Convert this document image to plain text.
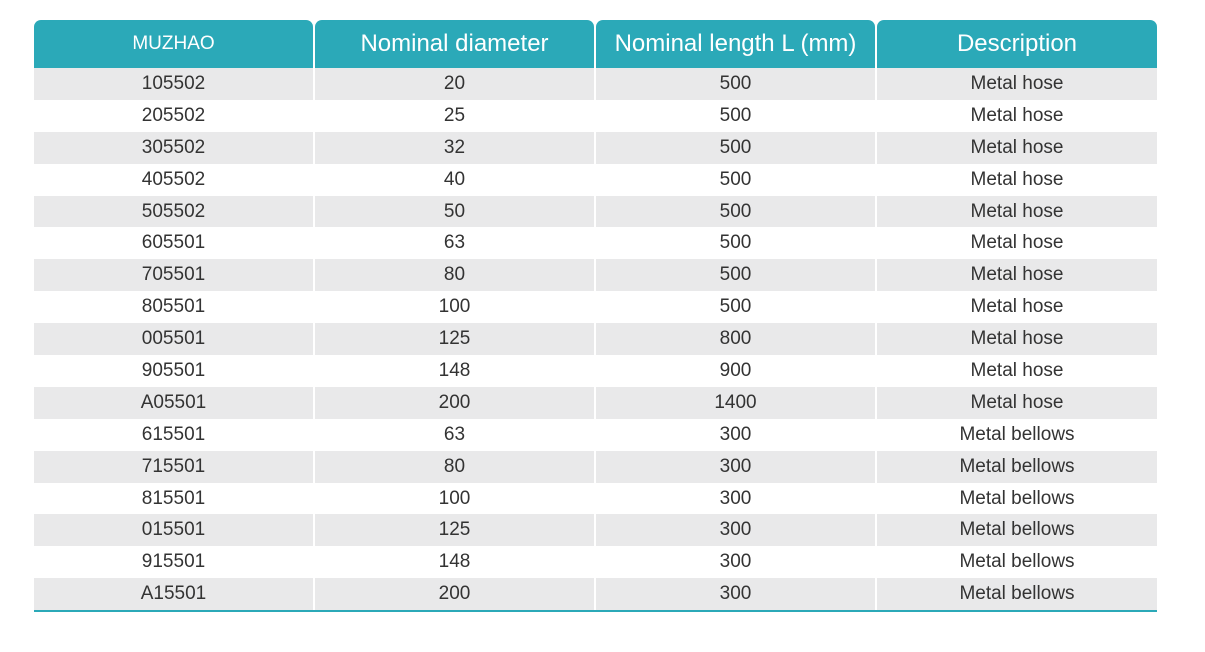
MUZHAO	Nominal diameter	Nominal length L (mm)	Description
105502	20	500	Metal hose
205502	25	500	Metal hose
305502	32	500	Metal hose
405502	40	500	Metal hose
505502	50	500	Metal hose
605501	63	500	Metal hose
705501	80	500	Metal hose
805501	100	500	Metal hose
005501	125	800	Metal hose
905501	148	900	Metal hose
A05501	200	1400	Metal hose
615501	63	300	Metal bellows
715501	80	300	Metal bellows
815501	100	300	Metal bellows
015501	125	300	Metal bellows
915501	148	300	Metal bellows
A15501	200	300	Metal bellows
